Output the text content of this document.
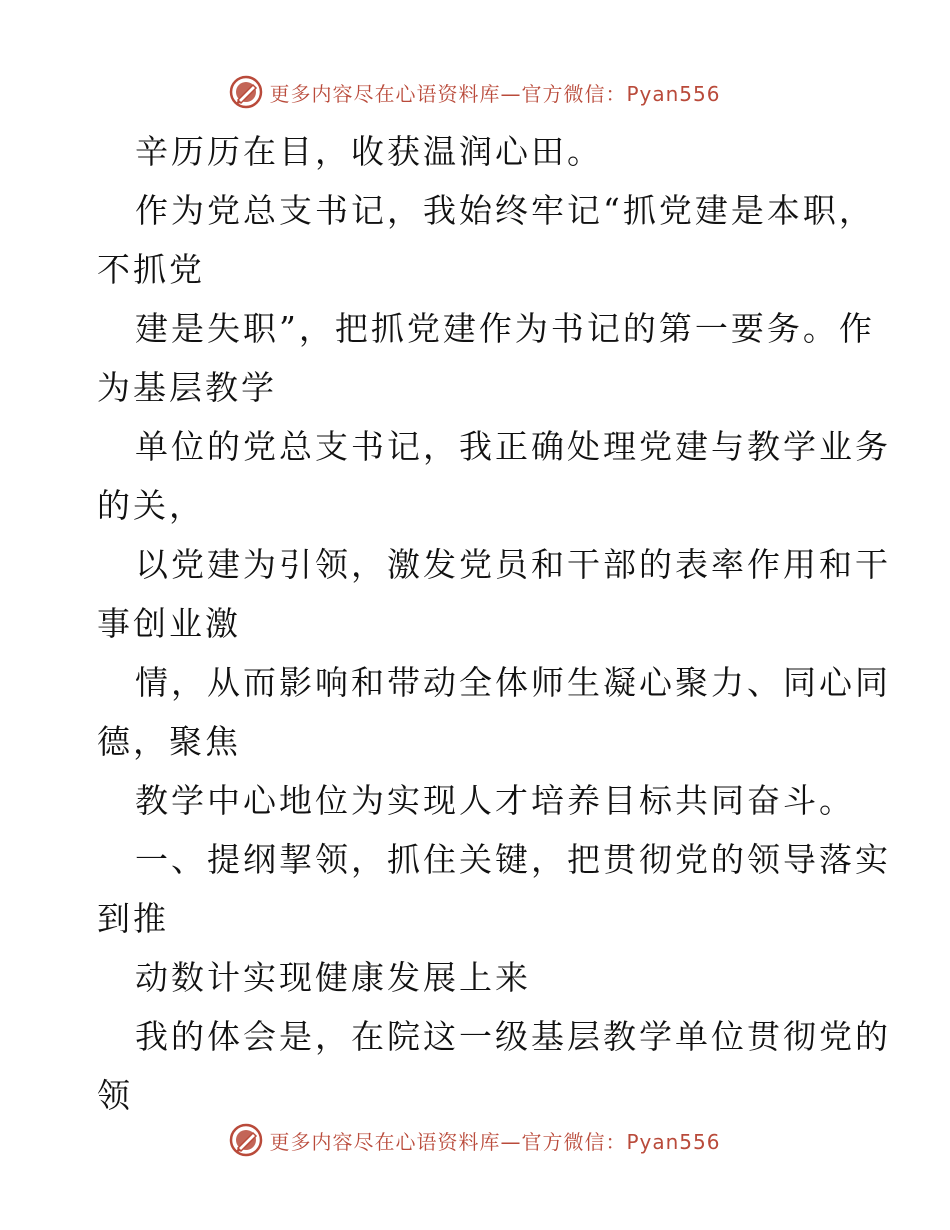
更多内容尽在心语资料库—官方微信：Pyan556
辛历历在目，收获温润心田。
作为党总支书记，我始终牢记“抓党建是本职，
不抓党
建是失职”，把抓党建作为书记的第一要务。作
为基层教学
单位的党总支书记，我正确处理党建与教学业务
的关，
以党建为引领，激发党员和干部的表率作用和干
事创业激
情，从而影响和带动全体师生凝心聚力、同心同
德，聚焦
教学中心地位为实现人才培养目标共同奋斗。
一、提纲挈领，抓住关键，把贯彻党的领导落实
到推
动数计实现健康发展上来
我的体会是，在院这一级基层教学单位贯彻党的
领
更多内容尽在心语资料库—官方微信：Pyan556
